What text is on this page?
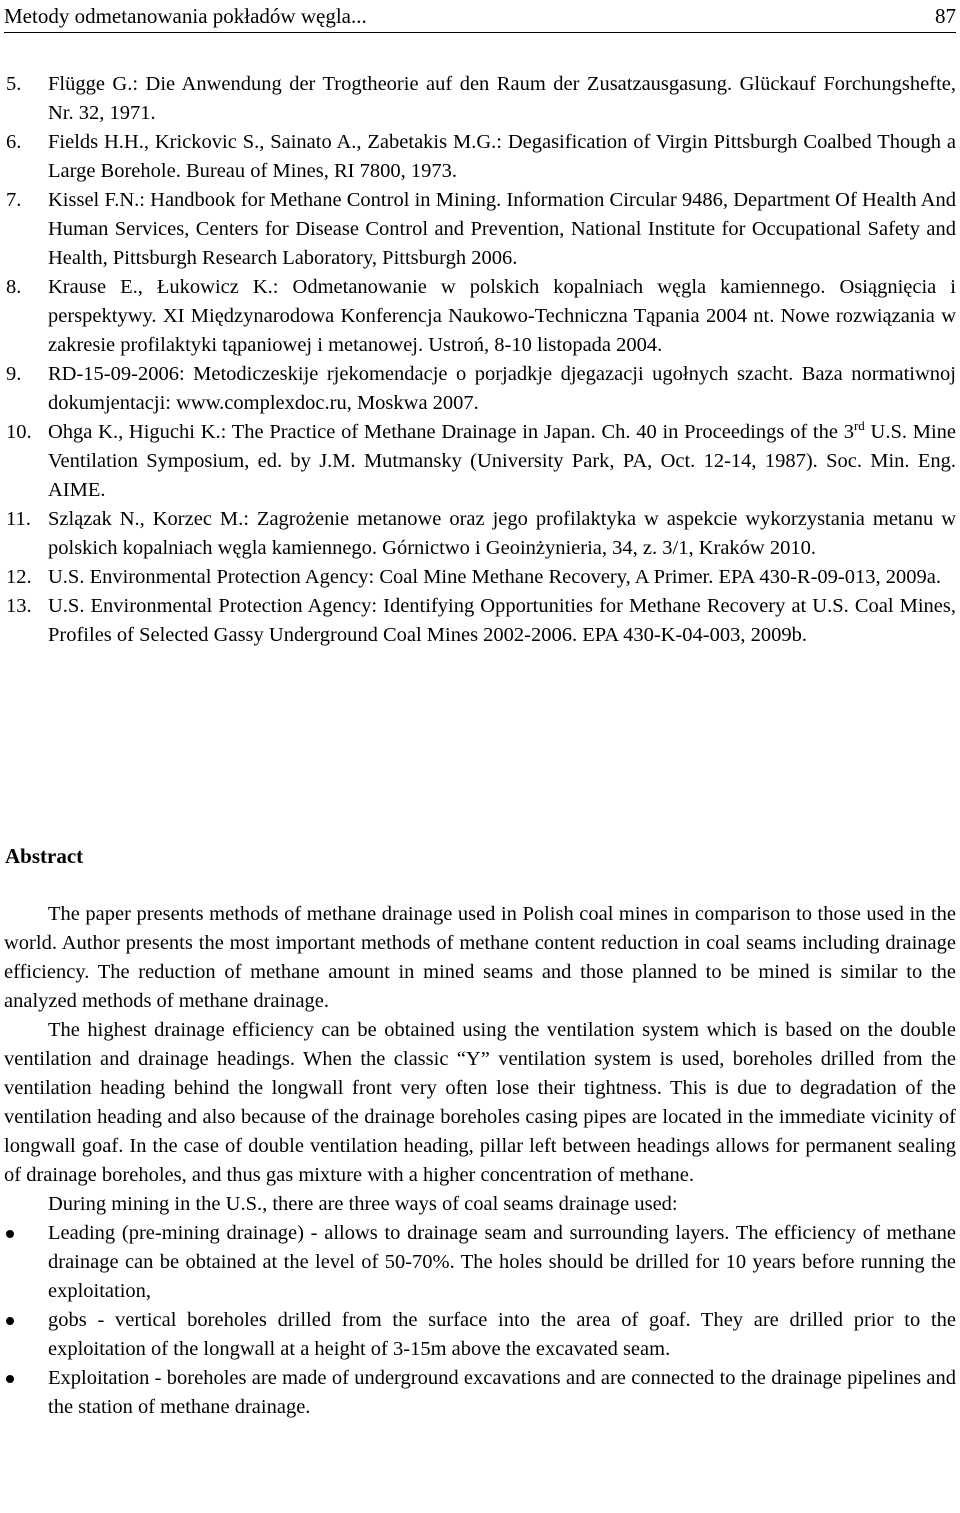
Metody odmetanowania pokładów węgla...	87

5. Flügge G.: Die Anwendung der Trogtheorie auf den Raum der Zusatzausgasung. Glückauf Forchungshefte, Nr. 32, 1971.

6. Fields H.H., Krickovic S., Sainato A., Zabetakis M.G.: Degasification of Virgin Pittsburgh Coalbed Though a Large Borehole. Bureau of Mines, RI 7800, 1973.

7. Kissel F.N.: Handbook for Methane Control in Mining. Information Circular 9486, Department Of Health And Human Services, Centers for Disease Control and Prevention, National Institute for Occupational Safety and Health, Pittsburgh Research Laboratory, Pittsburgh 2006.

8. Krause E., Łukowicz K.: Odmetanowanie w polskich kopalniach węgla kamiennego. Osiągnięcia i perspektywy. XI Międzynarodowa Konferencja Naukowo-Techniczna Tąpania 2004 nt. Nowe rozwiązania w zakresie profilaktyki tąpaniowej i metanowej. Ustroń, 8-10 listopada 2004.

9. RD-15-09-2006: Metodiczeskije rjekomendacje o porjadkje djegazacji ugołnych szacht. Baza normatiwnoj dokumjentacji: www.complexdoc.ru, Moskwa 2007.

10. Ohga K., Higuchi K.: The Practice of Methane Drainage in Japan. Ch. 40 in Proceedings of the 3rd U.S. Mine Ventilation Symposium, ed. by J.M. Mutmansky (University Park, PA, Oct. 12-14, 1987). Soc. Min. Eng. AIME.

11. Szlązak N., Korzec M.: Zagrożenie metanowe oraz jego profilaktyka w aspekcie wykorzystania metanu w polskich kopalniach węgla kamiennego. Górnictwo i Geoinżynieria, 34, z. 3/1, Kraków 2010.

12. U.S. Environmental Protection Agency: Coal Mine Methane Recovery, A Primer. EPA 430-R-09-013, 2009a.

13. U.S. Environmental Protection Agency: Identifying Opportunities for Methane Recovery at U.S. Coal Mines, Profiles of Selected Gassy Underground Coal Mines 2002-2006. EPA 430-K-04-003, 2009b.

Abstract

The paper presents methods of methane drainage used in Polish coal mines in comparison to those used in the world. Author presents the most important methods of methane content reduction in coal seams including drainage efficiency. The reduction of methane amount in mined seams and those planned to be mined is similar to the analyzed methods of methane drainage.

The highest drainage efficiency can be obtained using the ventilation system which is based on the double ventilation and drainage headings. When the classic “Y” ventilation system is used, boreholes drilled from the ventilation heading behind the longwall front very often lose their tightness. This is due to degradation of the ventilation heading and also because of the drainage boreholes casing pipes are located in the immediate vicinity of longwall goaf. In the case of double ventilation heading, pillar left between headings allows for permanent sealing of drainage boreholes, and thus gas mixture with a higher concentration of methane.

During mining in the U.S., there are three ways of coal seams drainage used:

Leading (pre-mining drainage) - allows to drainage seam and surrounding layers. The efficiency of methane drainage can be obtained at the level of 50-70%. The holes should be drilled for 10 years before running the exploitation,
gobs - vertical boreholes drilled from the surface into the area of goaf. They are drilled prior to the exploitation of the longwall at a height of 3-15m above the excavated seam.
Exploitation - boreholes are made of underground excavations and are connected to the drainage pipelines and the station of methane drainage.
